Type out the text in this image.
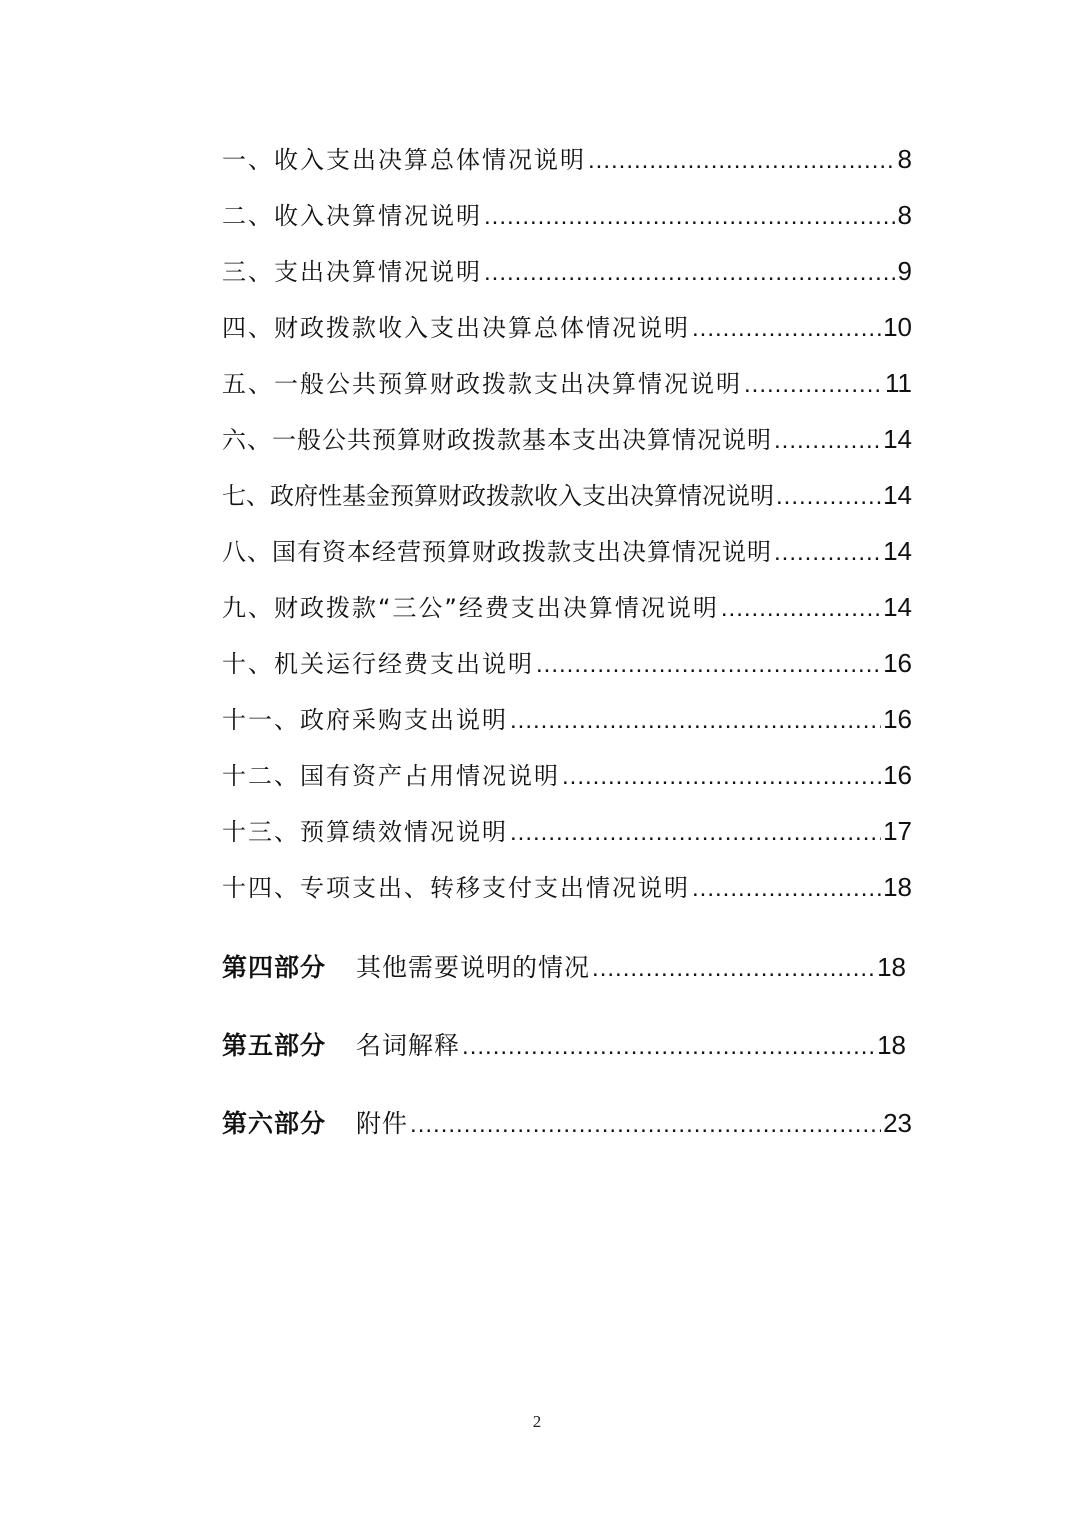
一、收入支出决算总体情况说明 .....	8
二、收入决算情况说明 .....	8
三、支出决算情况说明 .....	9
四、财政拨款收入支出决算总体情况说明 .....	10
五、一般公共预算财政拨款支出决算情况说明 .....	11
六、一般公共预算财政拨款基本支出决算情况说明 .....	14
七、政府性基金预算财政拨款收入支出决算情况说明 .....	14
八、国有资本经营预算财政拨款支出决算情况说明 .....	14
九、财政拨款“三公”经费支出决算情况说明 .....	14
十、机关运行经费支出说明 .....	16
十一、政府采购支出说明 .....	16
十二、国有资产占用情况说明 .....	16
十三、预算绩效情况说明 .....	17
十四、专项支出、转移支付支出情况说明 .....	18
第四部分 其他需要说明的情况 .....	18
第五部分 名词解释 .....	18
第六部分 附件 .....	23
2
